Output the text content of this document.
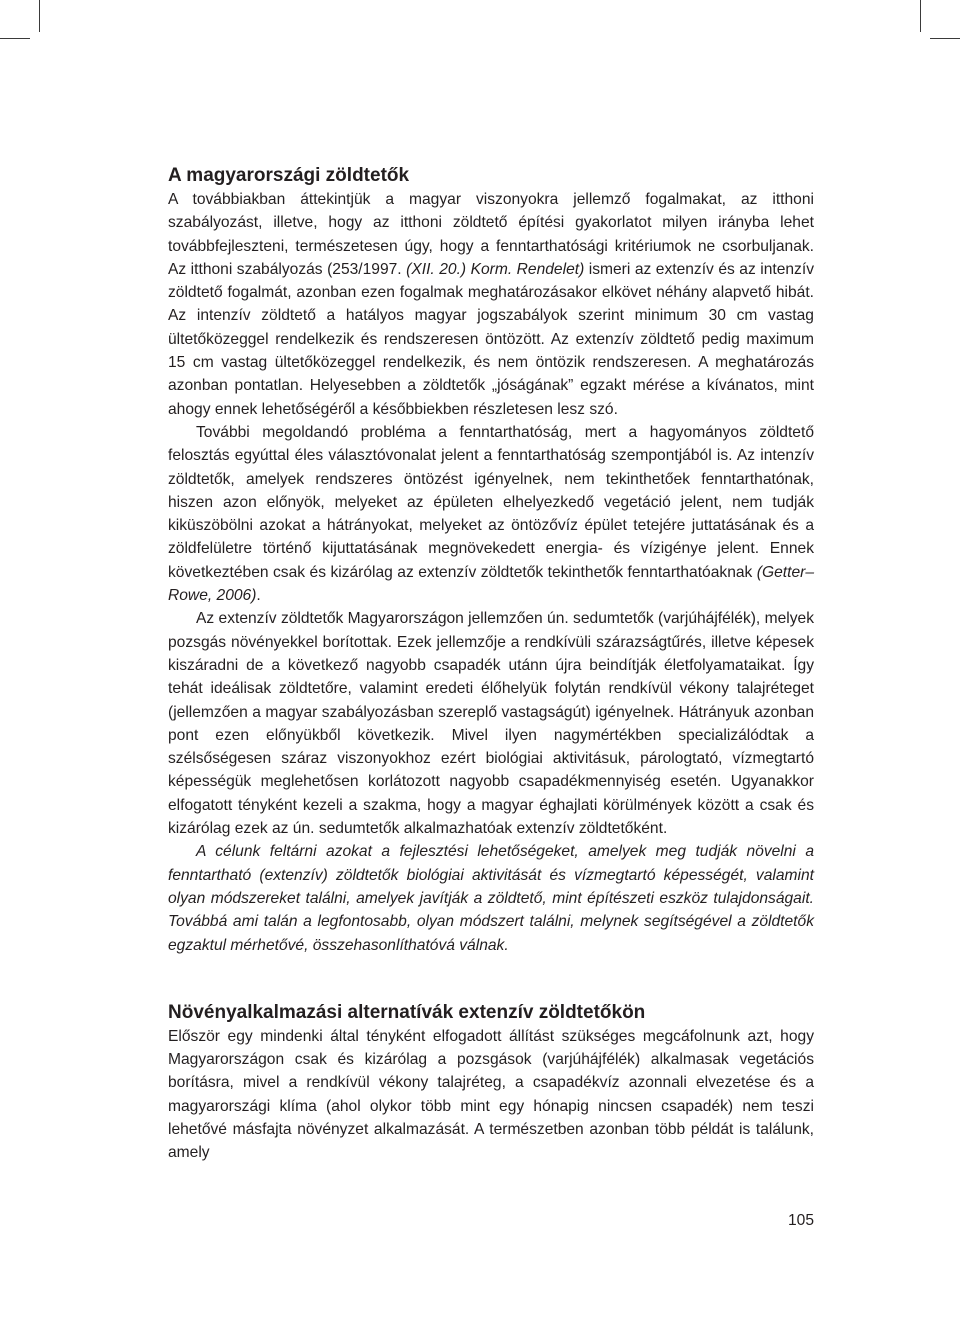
A magyarországi zöldtetők

A továbbiakban áttekintjük a magyar viszonyokra jellemző fogalmakat, az itthoni szabályozást, illetve, hogy az itthoni zöldtető építési gyakorlatot milyen irányba lehet továbbfejleszteni, természetesen úgy, hogy a fenntarthatósági kritériumok ne csorbuljanak. Az itthoni szabályozás (253/1997. (XII. 20.) Korm. Rendelet) ismeri az extenzív és az intenzív zöldtető fogalmát, azonban ezen fogalmak meghatározásakor elkövet néhány alapvető hibát. Az intenzív zöldtető a hatályos magyar jogszabályok szerint minimum 30 cm vastag ültetőközeggel rendelkezik és rendszeresen öntözött. Az extenzív zöldtető pedig maximum 15 cm vastag ültetőközeggel rendelkezik, és nem öntözik rendszeresen. A meghatározás azonban pontatlan. Helyesebben a zöldtetők „jóságának” egzakt mérése a kívánatos, mint ahogy ennek lehetőségéről a későbbiekben részletesen lesz szó.

További megoldandó probléma a fenntarthatóság, mert a hagyományos zöldtető felosztás egyúttal éles választóvonalat jelent a fenntarthatóság szempontjából is. Az intenzív zöldtetők, amelyek rendszeres öntözést igényelnek, nem tekinthetőek fenntarthatónak, hiszen azon előnyök, melyeket az épületen elhelyezkedő vegetáció jelent, nem tudják kiküszöbölni azokat a hátrányokat, melyeket az öntözővíz épület tetejére juttatásának és a zöldfelületre történő kijuttatásának megnövekedett energia- és vízigénye jelent. Ennek következtében csak és kizárólag az extenzív zöldtetők tekinthetők fenntarthatóaknak (Getter–Rowe, 2006).

Az extenzív zöldtetők Magyarországon jellemzően ún. sedumtetők (varjúhájfélék), melyek pozsgás növényekkel borítottak. Ezek jellemzője a rendkívüli szárazságtűrés, illetve képesek kiszáradni de a következő nagyobb csapadék utánn újra beindítják életfolyamataikat. Így tehát ideálisak zöldtetőre, valamint eredeti élőhelyük folytán rendkívül vékony talajréteget (jellemzően a magyar szabályozásban szereplő vastagságút) igényelnek. Hátrányuk azonban pont ezen előnyükből következik. Mivel ilyen nagymértékben specializálódtak a szélsőségesen száraz viszonyokhoz ezért biológiai aktivitásuk, párologtató, vízmegtartó képességük meglehetősen korlátozott nagyobb csapadékmennyiség esetén. Ugyanakkor elfogatott tényként kezeli a szakma, hogy a magyar éghajlati körülmények között a csak és kizárólag ezek az ún. sedumtetők alkalmazhatóak extenzív zöldtetőként.

A célunk feltárni azokat a fejlesztési lehetőségeket, amelyek meg tudják növelni a fenntartható (extenzív) zöldtetők biológiai aktivitását és vízmegtartó képességét, valamint olyan módszereket találni, amelyek javítják a zöldtető, mint építészeti eszköz tulajdonságait. Továbbá ami talán a legfontosabb, olyan módszert találni, melynek segítségével a zöldtetők egzaktul mérhetővé, összehasonlíthatóvá válnak.

Növényalkalmazási alternatívák extenzív zöldtetőkön

Először egy mindenki által tényként elfogadott állítást szükséges megcáfolnunk azt, hogy Magyarországon csak és kizárólag a pozsgások (varjúhájfélék) alkalmasak vegetációs borításra, mivel a rendkívül vékony talajréteg, a csapadékvíz azonnali elvezetése és a magyarországi klíma (ahol olykor több mint egy hónapig nincsen csapadék) nem teszi lehetővé másfajta növényzet alkalmazását. A természetben azonban több példát is találunk, amely

105
